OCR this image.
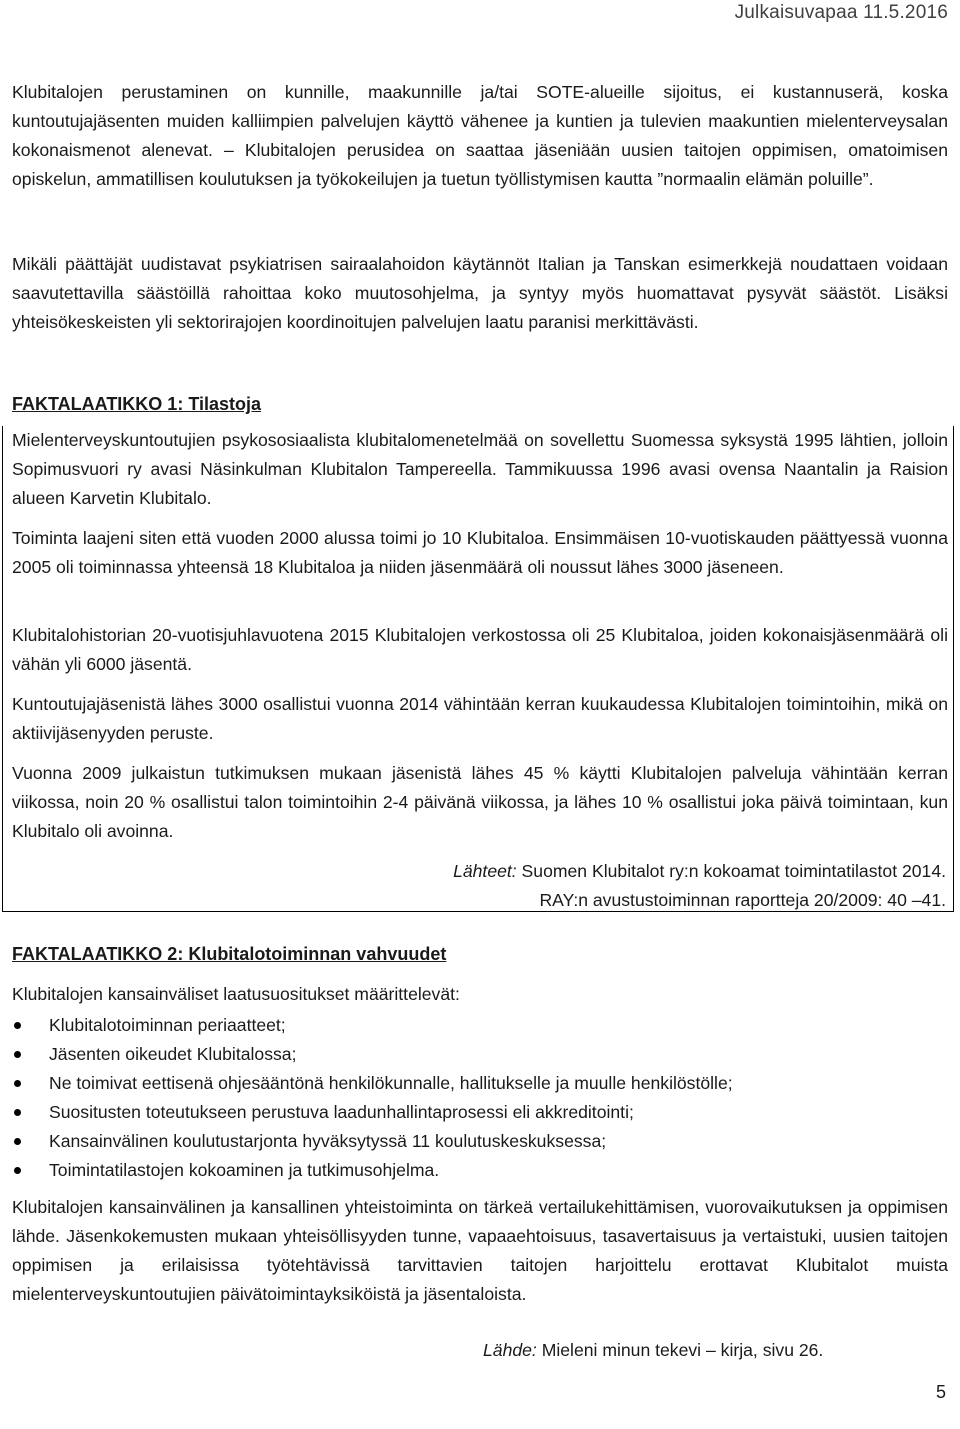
Julkaisuvapaa 11.5.2016

Klubitalojen perustaminen on kunnille, maakunnille ja/tai SOTE-alueille sijoitus, ei kustannuserä, koska kuntoutujajäsenten muiden kalliimpien palvelujen käyttö vähenee ja kuntien ja tulevien maakuntien mielenterveysalan kokonaismenot alenevat. – Klubitalojen perusidea on saattaa jäseniään uusien taitojen oppimisen, omatoimisen opiskelun, ammatillisen koulutuksen ja työkokeilujen ja tuetun työllistymisen kautta ”normaalin elämän poluille”.

Mikäli päättäjät uudistavat psykiatrisen sairaalahoidon käytännöt Italian ja Tanskan esimerkkejä noudattaen voidaan saavutettavilla säästöillä rahoittaa koko muutosohjelma, ja syntyy myös huomattavat pysyvät säästöt. Lisäksi yhteisökeskeisten yli sektorirajojen koordinoitujen palvelujen laatu paranisi merkittävästi.

FAKTALAATIKKO 1: Tilastoja

Mielenterveyskuntoutujien psykososiaalista klubitalomenetelmää on sovellettu Suomessa syksystä 1995 lähtien, jolloin Sopimusvuori ry avasi Näsinkulman Klubitalon Tampereella. Tammikuussa 1996 avasi ovensa Naantalin ja Raision alueen Karvetin Klubitalo.

Toiminta laajeni siten että vuoden 2000 alussa toimi jo 10 Klubitaloa. Ensimmäisen 10-vuotiskauden päättyessä vuonna 2005 oli toiminnassa yhteensä 18 Klubitaloa ja niiden jäsenmäärä oli noussut lähes 3000 jäseneen.

Klubitalohistorian 20-vuotisjuhlavuotena 2015 Klubitalojen verkostossa oli 25 Klubitaloa, joiden kokonaisjäsenmäärä oli vähän yli 6000 jäsentä.

Kuntoutujajäsenistä lähes 3000 osallistui vuonna 2014 vähintään kerran kuukaudessa Klubitalojen toimintoihin, mikä on aktiivijäsenyyden peruste.

Vuonna 2009 julkaistun tutkimuksen mukaan jäsenistä lähes 45 % käytti Klubitalojen palveluja vähintään kerran viikossa, noin 20 % osallistui talon toimintoihin 2-4 päivänä viikossa, ja lähes 10 % osallistui joka päivä toimintaan, kun Klubitalo oli avoinna.

Lähteet: Suomen Klubitalot ry:n kokoamat toimintatilastot 2014.
RAY:n avustustoiminnan raportteja 20/2009: 40 –41.

FAKTALAATIKKO 2: Klubitalotoiminnan vahvuudet

Klubitalojen kansainväliset laatusuositukset määrittelevät:

Klubitalotoiminnan periaatteet;
Jäsenten oikeudet Klubitalossa;
Ne toimivat eettisenä ohjesääntönä henkilökunnalle, hallitukselle ja muulle henkilöstölle;
Suositusten toteutukseen perustuva laadunhallintaprosessi eli akkreditointi;
Kansainvälinen koulutustarjonta hyväksytyssä 11 koulutuskeskuksessa;
Toimintatilastojen kokoaminen ja tutkimusohjelma.

Klubitalojen kansainvälinen ja kansallinen yhteistoiminta on tärkeä vertailukehittämisen, vuorovaikutuksen ja oppimisen lähde. Jäsenkokemusten mukaan yhteisöllisyyden tunne, vapaaehtoisuus, tasavertaisuus ja vertaistuki, uusien taitojen oppimisen ja erilaisissa työtehtävissä tarvittavien taitojen harjoittelu erottavat Klubitalot muista mielenterveyskuntoutujien päivätoimintayksiköistä ja jäsentaloista.

Lähde: Mieleni minun tekevi – kirja, sivu 26.
5
